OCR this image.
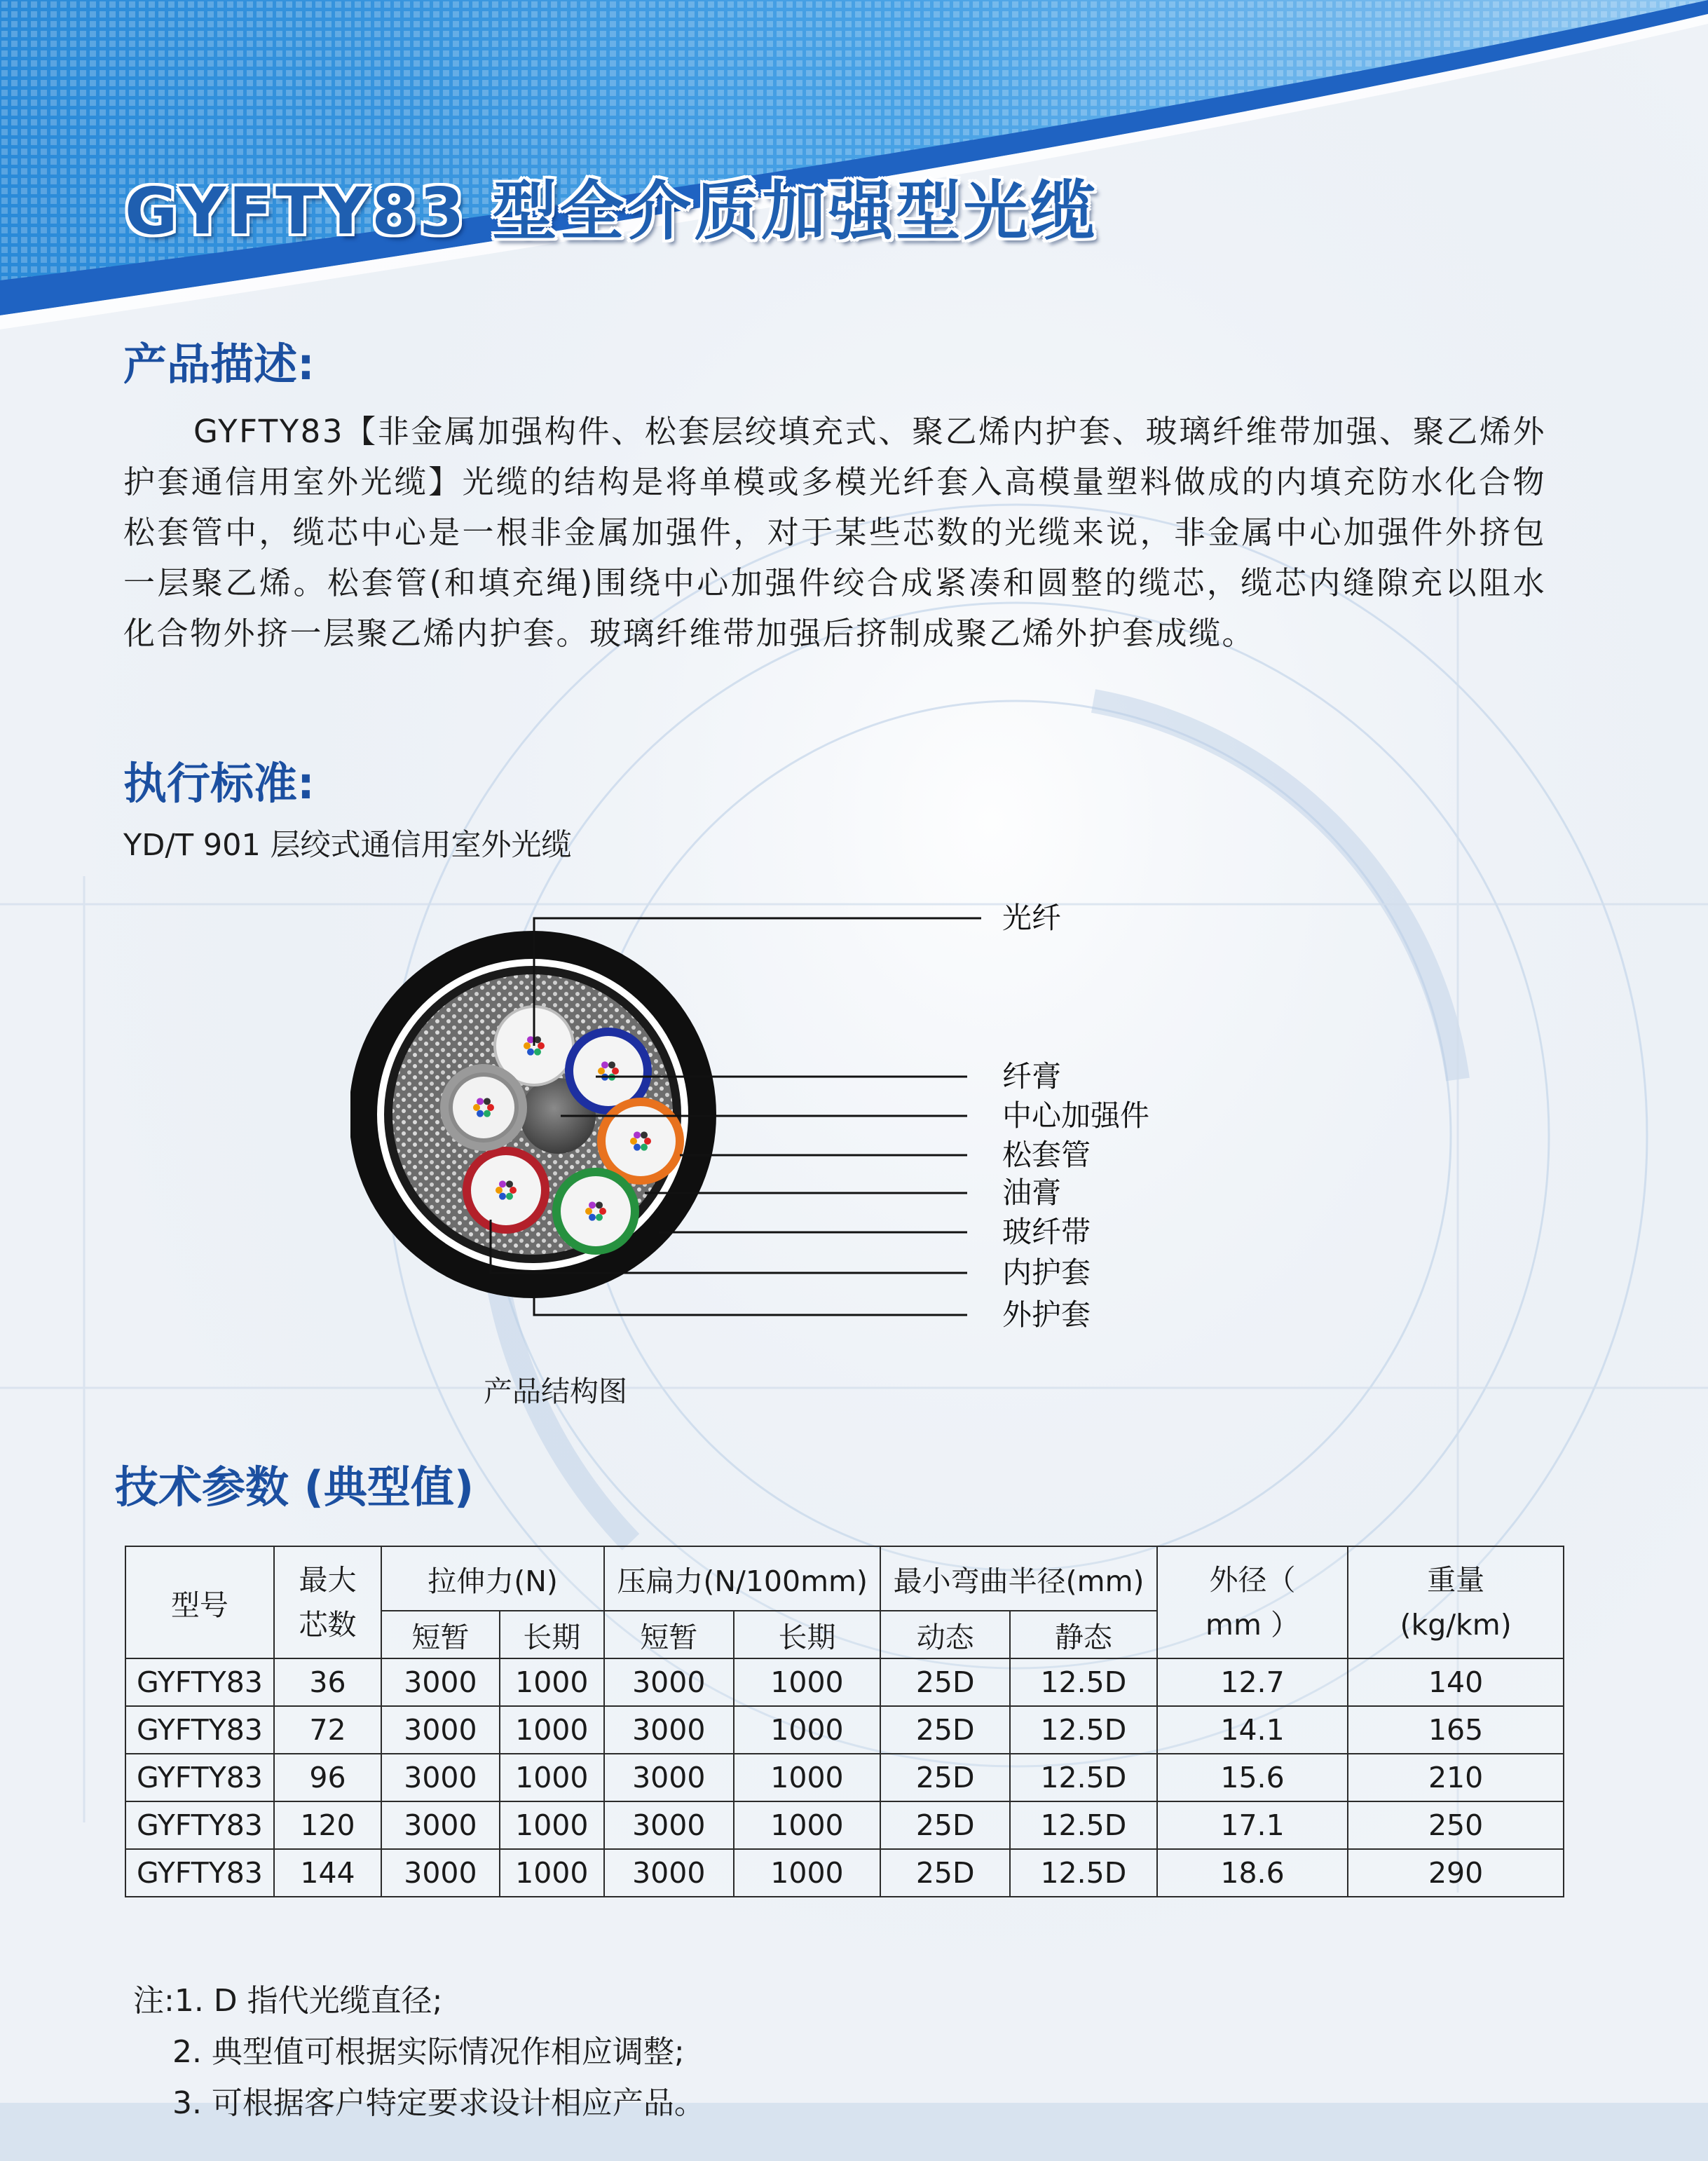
GYFTY83 型全介质加强型光缆
产品描述:

GYFTY83【非金属加强构件、松套层绞填充式、聚乙烯内护套、玻璃纤维带加强、聚乙烯外护套通信用室外光缆】光缆的结构是将单模或多模光纤套入高模量塑料做成的内填充防水化合物松套管中，缆芯中心是一根非金属加强件，对于某些芯数的光缆来说，非金属中心加强件外挤包一层聚乙烯。松套管(和填充绳)围绕中心加强件绞合成紧凑和圆整的缆芯，缆芯内缝隙充以阻水化合物外挤一层聚乙烯内护套。玻璃纤维带加强后挤制成聚乙烯外护套成缆。

执行标准:
YD/T 901 层绞式通信用室外光缆
光纤
纤膏
中心加强件
松套管
油膏
玻纤带
内护套
外护套
产品结构图
技术参数 (典型值)
型号	最大芯数	拉伸力(N)		压扁力(N/100mm)		最小弯曲半径(mm)		外径（ mm ）	重量(kg/km)
		短暂	长期	短暂	长期	动态	静态		
GYFTY83	36	3000	1000	3000	1000	25D	12.5D	12.7	140
GYFTY83	72	3000	1000	3000	1000	25D	12.5D	14.1	165
GYFTY83	96	3000	1000	3000	1000	25D	12.5D	15.6	210
GYFTY83	120	3000	1000	3000	1000	25D	12.5D	17.1	250
GYFTY83	144	3000	1000	3000	1000	25D	12.5D	18.6	290
注:1. D 指代光缆直径;
2. 典型值可根据实际情况作相应调整;
3. 可根据客户特定要求设计相应产品。
